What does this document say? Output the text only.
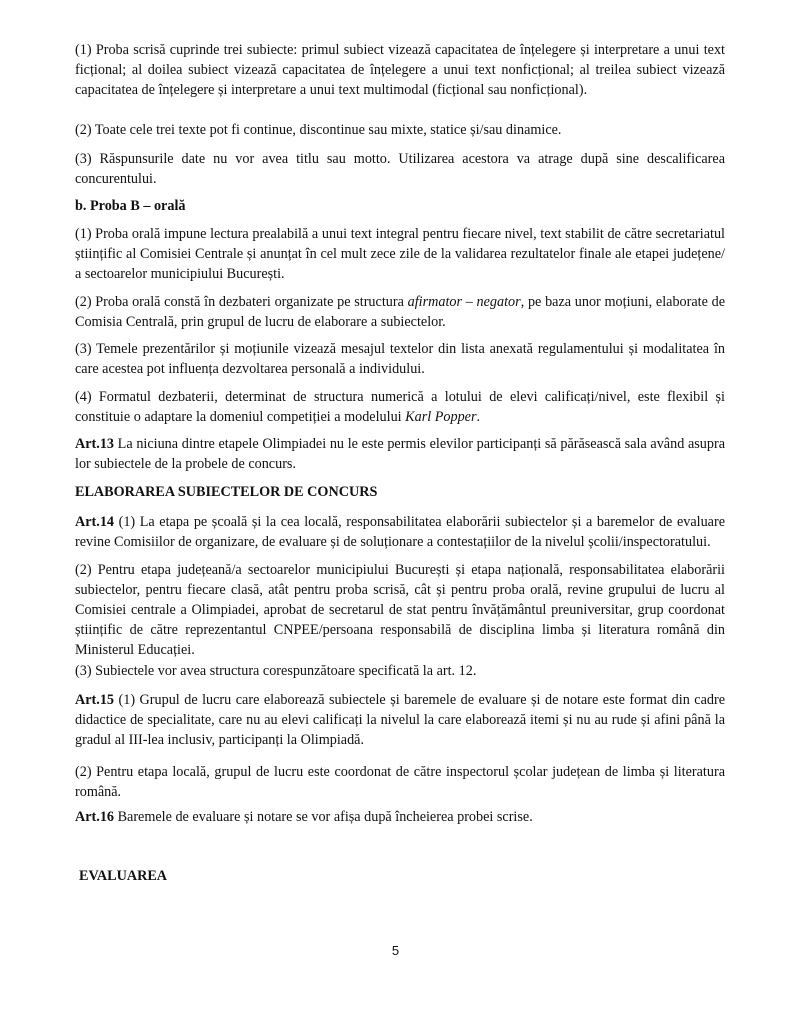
(1) Proba scrisă cuprinde trei subiecte: primul subiect vizează capacitatea de înțelegere și interpretare a unui text ficțional; al doilea subiect vizează capacitatea de înțelegere a unui text nonficțional; al treilea subiect vizează capacitatea de înțelegere și interpretare a unui text multimodal (ficțional sau nonficțional).

(2) Toate cele trei texte pot fi continue, discontinue sau mixte, statice și/sau dinamice.

(3) Răspunsurile date nu vor avea titlu sau motto. Utilizarea acestora va atrage după sine descalificarea concurentului.

b. Proba B – orală

(1) Proba orală impune lectura prealabilă a unui text integral pentru fiecare nivel, text stabilit de către secretariatul științific al Comisiei Centrale și anunțat în cel mult zece zile de la validarea rezultatelor finale ale etapei județene/ a sectoarelor municipiului București.

(2) Proba orală constă în dezbateri organizate pe structura afirmator – negator, pe baza unor moțiuni, elaborate de Comisia Centrală, prin grupul de lucru de elaborare a subiectelor.

(3) Temele prezentărilor și moțiunile vizează mesajul textelor din lista anexată regulamentului și modalitatea în care acestea pot influența dezvoltarea personală a individului.

(4) Formatul dezbaterii, determinat de structura numerică a lotului de elevi calificați/nivel, este flexibil și constituie o adaptare la domeniul competiției a modelului Karl Popper.

Art.13 La niciuna dintre etapele Olimpiadei nu le este permis elevilor participanți să părăsească sala având asupra lor subiectele de la probele de concurs.

ELABORAREA SUBIECTELOR DE CONCURS

Art.14 (1) La etapa pe școală și la cea locală, responsabilitatea elaborării subiectelor și a baremelor de evaluare revine Comisiilor de organizare, de evaluare și de soluționare a contestațiilor de la nivelul școlii/inspectoratului.

(2) Pentru etapa județeană/a sectoarelor municipiului București și etapa națională, responsabilitatea elaborării subiectelor, pentru fiecare clasă, atât pentru proba scrisă, cât și pentru proba orală, revine grupului de lucru al Comisiei centrale a Olimpiadei, aprobat de secretarul de stat pentru învățământul preuniversitar, grup coordonat științific de către reprezentantul CNPEE/persoana responsabilă de disciplina limba și literatura română din Ministerul Educației.

(3) Subiectele vor avea structura corespunzătoare specificată la art. 12.

Art.15 (1) Grupul de lucru care elaborează subiectele și baremele de evaluare și de notare este format din cadre didactice de specialitate, care nu au elevi calificați la nivelul la care elaborează itemi și nu au rude și afini până la gradul al III-lea inclusiv, participanți la Olimpiadă.

(2) Pentru etapa locală, grupul de lucru este coordonat de către inspectorul școlar județean de limba și literatura română.

Art.16 Baremele de evaluare și notare se vor afișa după încheierea probei scrise.

EVALUAREA

5
